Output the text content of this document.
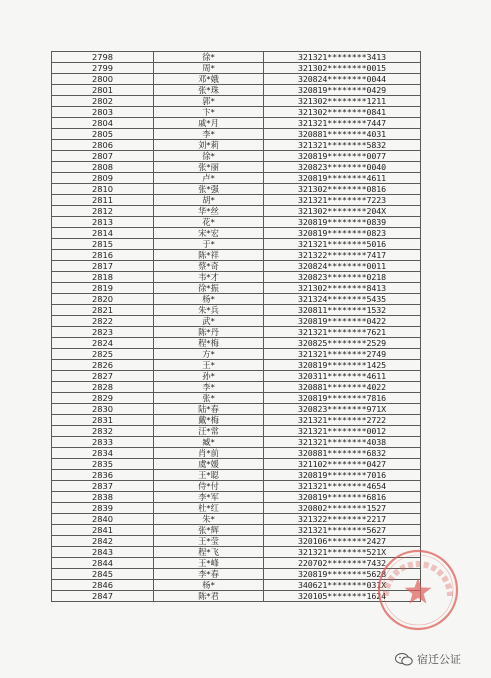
2798	徐*	321321********3413
2799	周*	321302********0015
2800	邓*娥	320824********0044
2801	张*珠	320819********0429
2802	郭*	321302********1211
2803	卞*	321302********0841
2804	戚*月	321321********7447
2805	李*	320881********4031
2806	刘*莉	321321********5832
2807	徐*	320819********0077
2808	张*丽	320823********0040
2809	卢*	320819********4611
2810	张*强	321302********0816
2811	胡*	321321********7223
2812	华*丝	321302********204X
2813	花*	320819********0839
2814	宋*宏	320819********0823
2815	于*	321321********5016
2816	陈*祥	321322********7417
2817	蔡*奇	320824********0011
2818	韦*才	320823********0218
2819	徐*振	321302********8413
2820	杨*	321324********5435
2821	朱*兵	320811********1532
2822	武*	320819********0422
2823	陈*丹	321321********7621
2824	程*梅	320825********2529
2825	方*	321321********2749
2826	王*	320819********1425
2827	孙*	320311********4611
2828	李*	320881********4022
2829	张*	320819********7816
2830	陆*春	320823********971X
2831	戴*梅	321321********2722
2832	汪*常	321321********0012
2833	臧*	321321********4038
2834	肖*前	320881********6832
2835	虞*媛	321102********0427
2836	王*聪	320819********7016
2837	侍*付	321321********4654
2838	李*军	320819********6816
2839	杜*红	320802********1527
2840	朱*	321322********2217
2841	张*辉	321321********5627
2842	王*莹	320106********2427
2843	程*飞	321321********521X
2844	王*峰	220702********7432
2845	李*春	320819********5628
2846	杨*	340621********031X
2847	陈*君	320105********1624
宿迁公证
